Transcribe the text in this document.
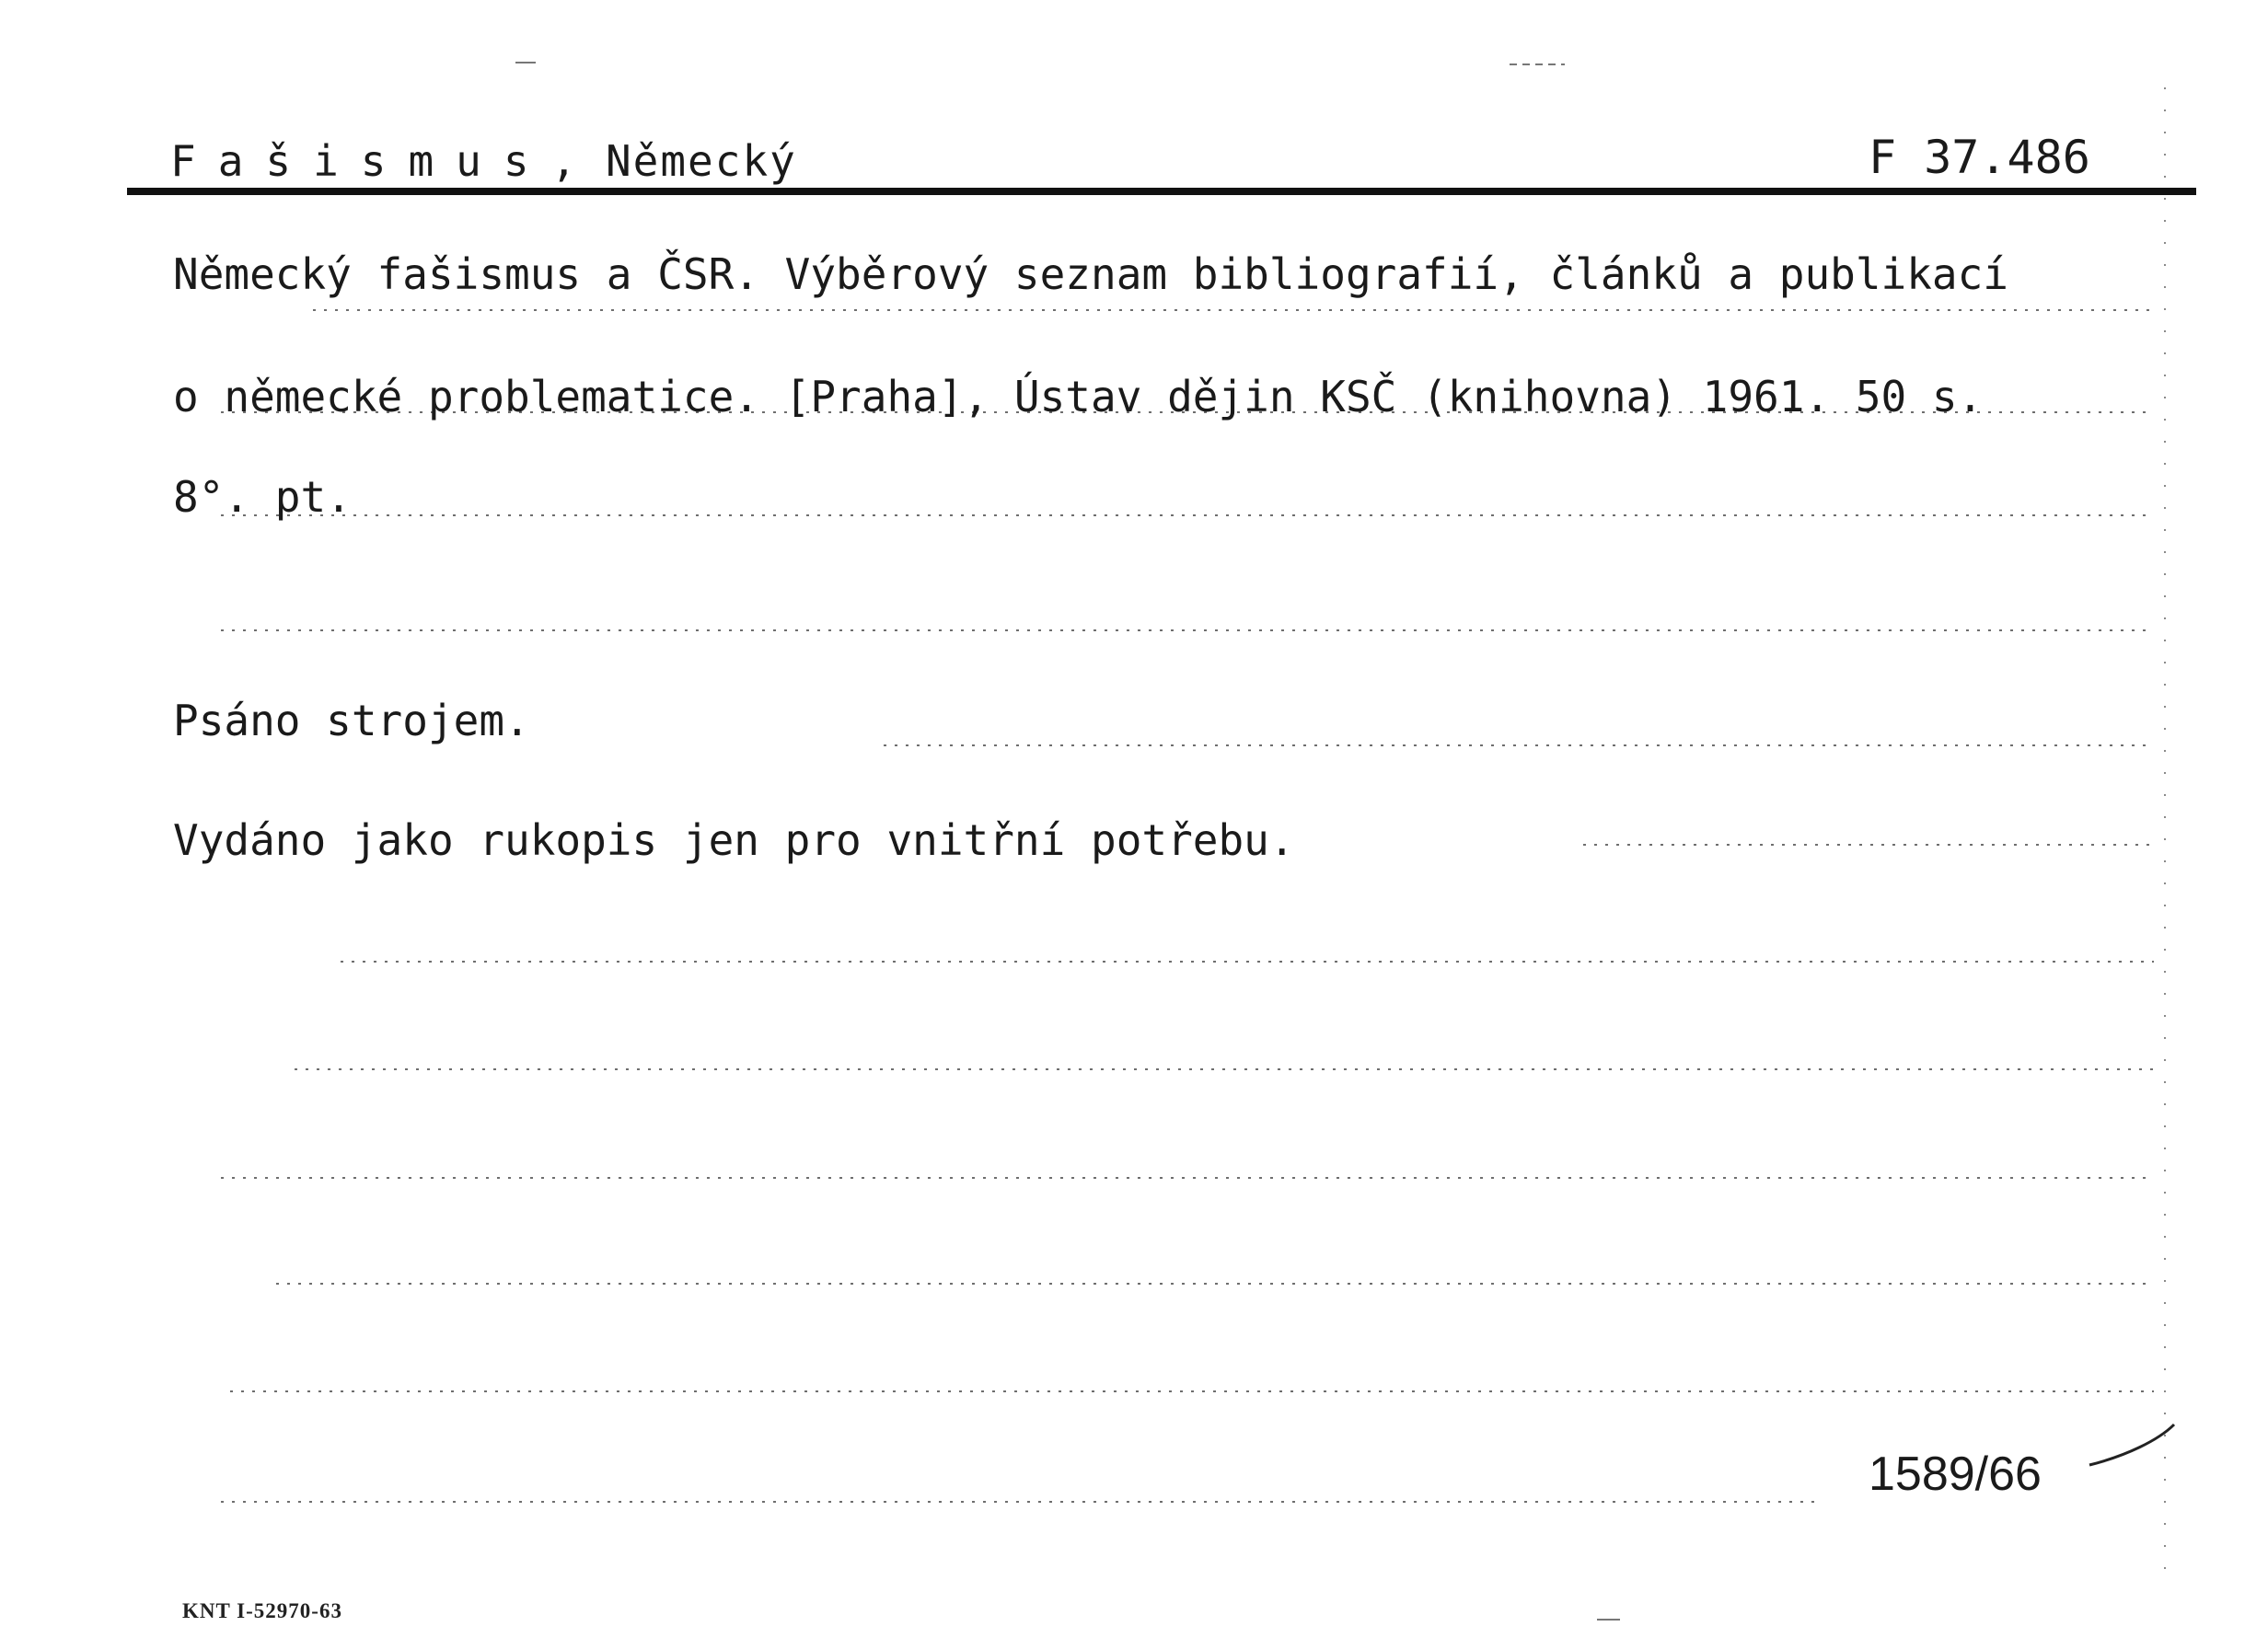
Fašismus, Německý	F 37.486
Německý fašismus a ČSR. Výběrový seznam bibliografií, článků a publikací
o německé problematice. [Praha], Ústav dějin KSČ (knihovna) 1961. 50 s.
8°. pt.
Psáno strojem.
Vydáno jako rukopis jen pro vnitřní potřebu.
1589/66
KNT I-52970-63
